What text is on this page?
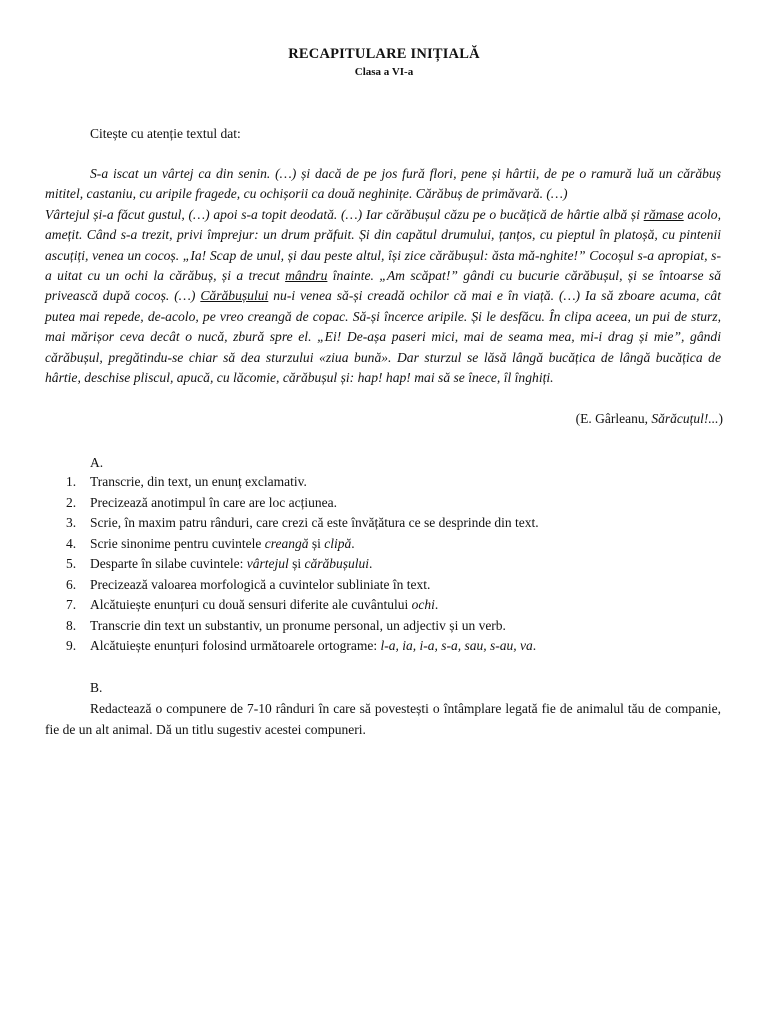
RECAPITULARE INIȚIALĂ
Clasa a VI-a
Citește cu atenție textul dat:

S-a iscat un vârtej ca din senin. (…) și dacă de pe jos fură flori, pene și hârtii, de pe o ramură luă un cărăbuș mititel, castaniu, cu aripile fragede, cu ochișorii ca două neghinițe. Cărăbuș de primăvară. (…)

Vârtejul și-a făcut gustul, (…) apoi s-a topit deodată. (…) Iar cărăbușul căzu pe o bucățică de hârtie albă și rămase acolo, amețit. Când s-a trezit, privi împrejur: un drum prăfuit. Și din capătul drumului, țanțos, cu pieptul în platoșă, cu pintenii ascuțiți, venea un cocoș. „Ia! Scap de unul, și dau peste altul, își zice cărăbușul: ăsta mă-nghite!” Cocoșul s-a apropiat, s-a uitat cu un ochi la cărăbuș, și a trecut mândru înainte. „Am scăpat!” gândi cu bucurie cărăbușul, și se întoarse să privească după cocoș. (…) Cărăbușului nu-i venea să-și creadă ochilor că mai e în viață. (…) Ia să zboare acuma, cât putea mai repede, de-acolo, pe vreo creangă de copac. Să-și încerce aripile. Și le desfăcu. În clipa aceea, un pui de sturz, mai mărișor ceva decât o nucă, zbură spre el. „Ei! De-așa paseri mici, mai de seama mea, mi-i drag și mie”, gândi cărăbușul, pregătindu-se chiar să dea sturzului «ziua bună». Dar sturzul se lăsă lângă bucățica de lângă bucățica de hârtie, deschise pliscul, apucă, cu lăcomie, cărăbușul și: hap! hap! mai să se înece, îl înghiți.

(E. Gârleanu, Sărăcuțul!...)
A.
1. Transcrie, din text, un enunț exclamativ.
2. Precizează anotimpul în care are loc acțiunea.
3. Scrie, în maxim patru rânduri, care crezi că este învățătura ce se desprinde din text.
4. Scrie sinonime pentru cuvintele creangă și clipă.
5. Desparte în silabe cuvintele: vârtejul și cărăbușului.
6. Precizează valoarea morfologică a cuvintelor subliniate în text.
7. Alcătuiește enunțuri cu două sensuri diferite ale cuvântului ochi.
8. Transcrie din text un substantiv, un pronume personal, un adjectiv și un verb.
9. Alcătuiește enunțuri folosind următoarele ortograme: l-a, ia, i-a, s-a, sau, s-au, va.
B.

Redactează o compunere de 7-10 rânduri în care să povestești o întâmplare legată fie de animalul tău de companie, fie de un alt animal. Dă un titlu sugestiv acestei compuneri.
